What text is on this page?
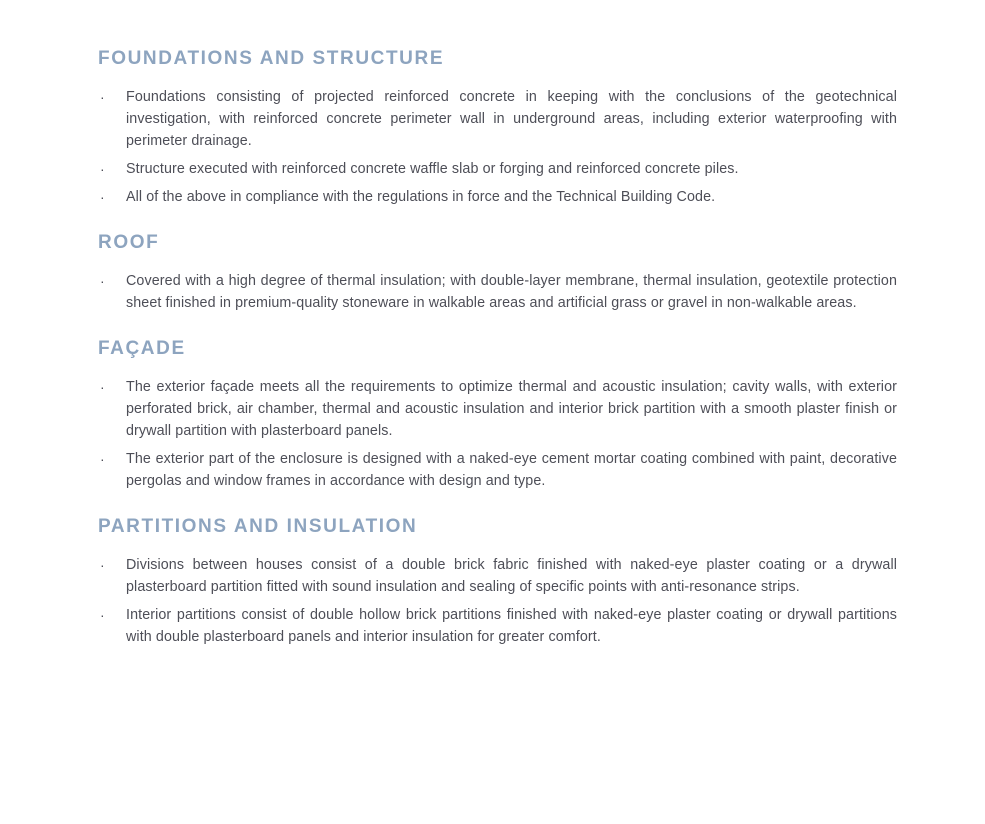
FOUNDATIONS AND STRUCTURE
·	Foundations consisting of projected reinforced concrete in keeping with the conclusions of the geotechnical investigation, with reinforced concrete perimeter wall in underground areas, including exterior waterproofing with perimeter drainage.

·	Structure executed with reinforced concrete waffle slab or forging and reinforced concrete piles.

·	All of the above in compliance with the regulations in force and the Technical Building Code.

ROOF
·	Covered with a high degree of thermal insulation; with double-layer membrane, thermal insulation, geotextile protection sheet finished in premium-quality stoneware in walkable areas and artificial grass or gravel in non-walkable areas.

FAÇADE
·	The exterior façade meets all the requirements to optimize thermal and acoustic insulation; cavity walls, with exterior perforated brick, air chamber, thermal and acoustic insulation and interior brick partition with a smooth plaster finish or drywall partition with plasterboard panels.

·	The exterior part of the enclosure is designed with a naked-eye cement mortar coating combined with paint, decorative pergolas and window frames in accordance with design and type.

PARTITIONS AND INSULATION
·	Divisions between houses consist of a double brick fabric finished with naked-eye plaster coating or a drywall plasterboard partition fitted with sound insulation and sealing of specific points with anti-resonance strips.

·	Interior partitions consist of double hollow brick partitions finished with naked-eye plaster coating or drywall partitions with double plasterboard panels and interior insulation for greater comfort.
